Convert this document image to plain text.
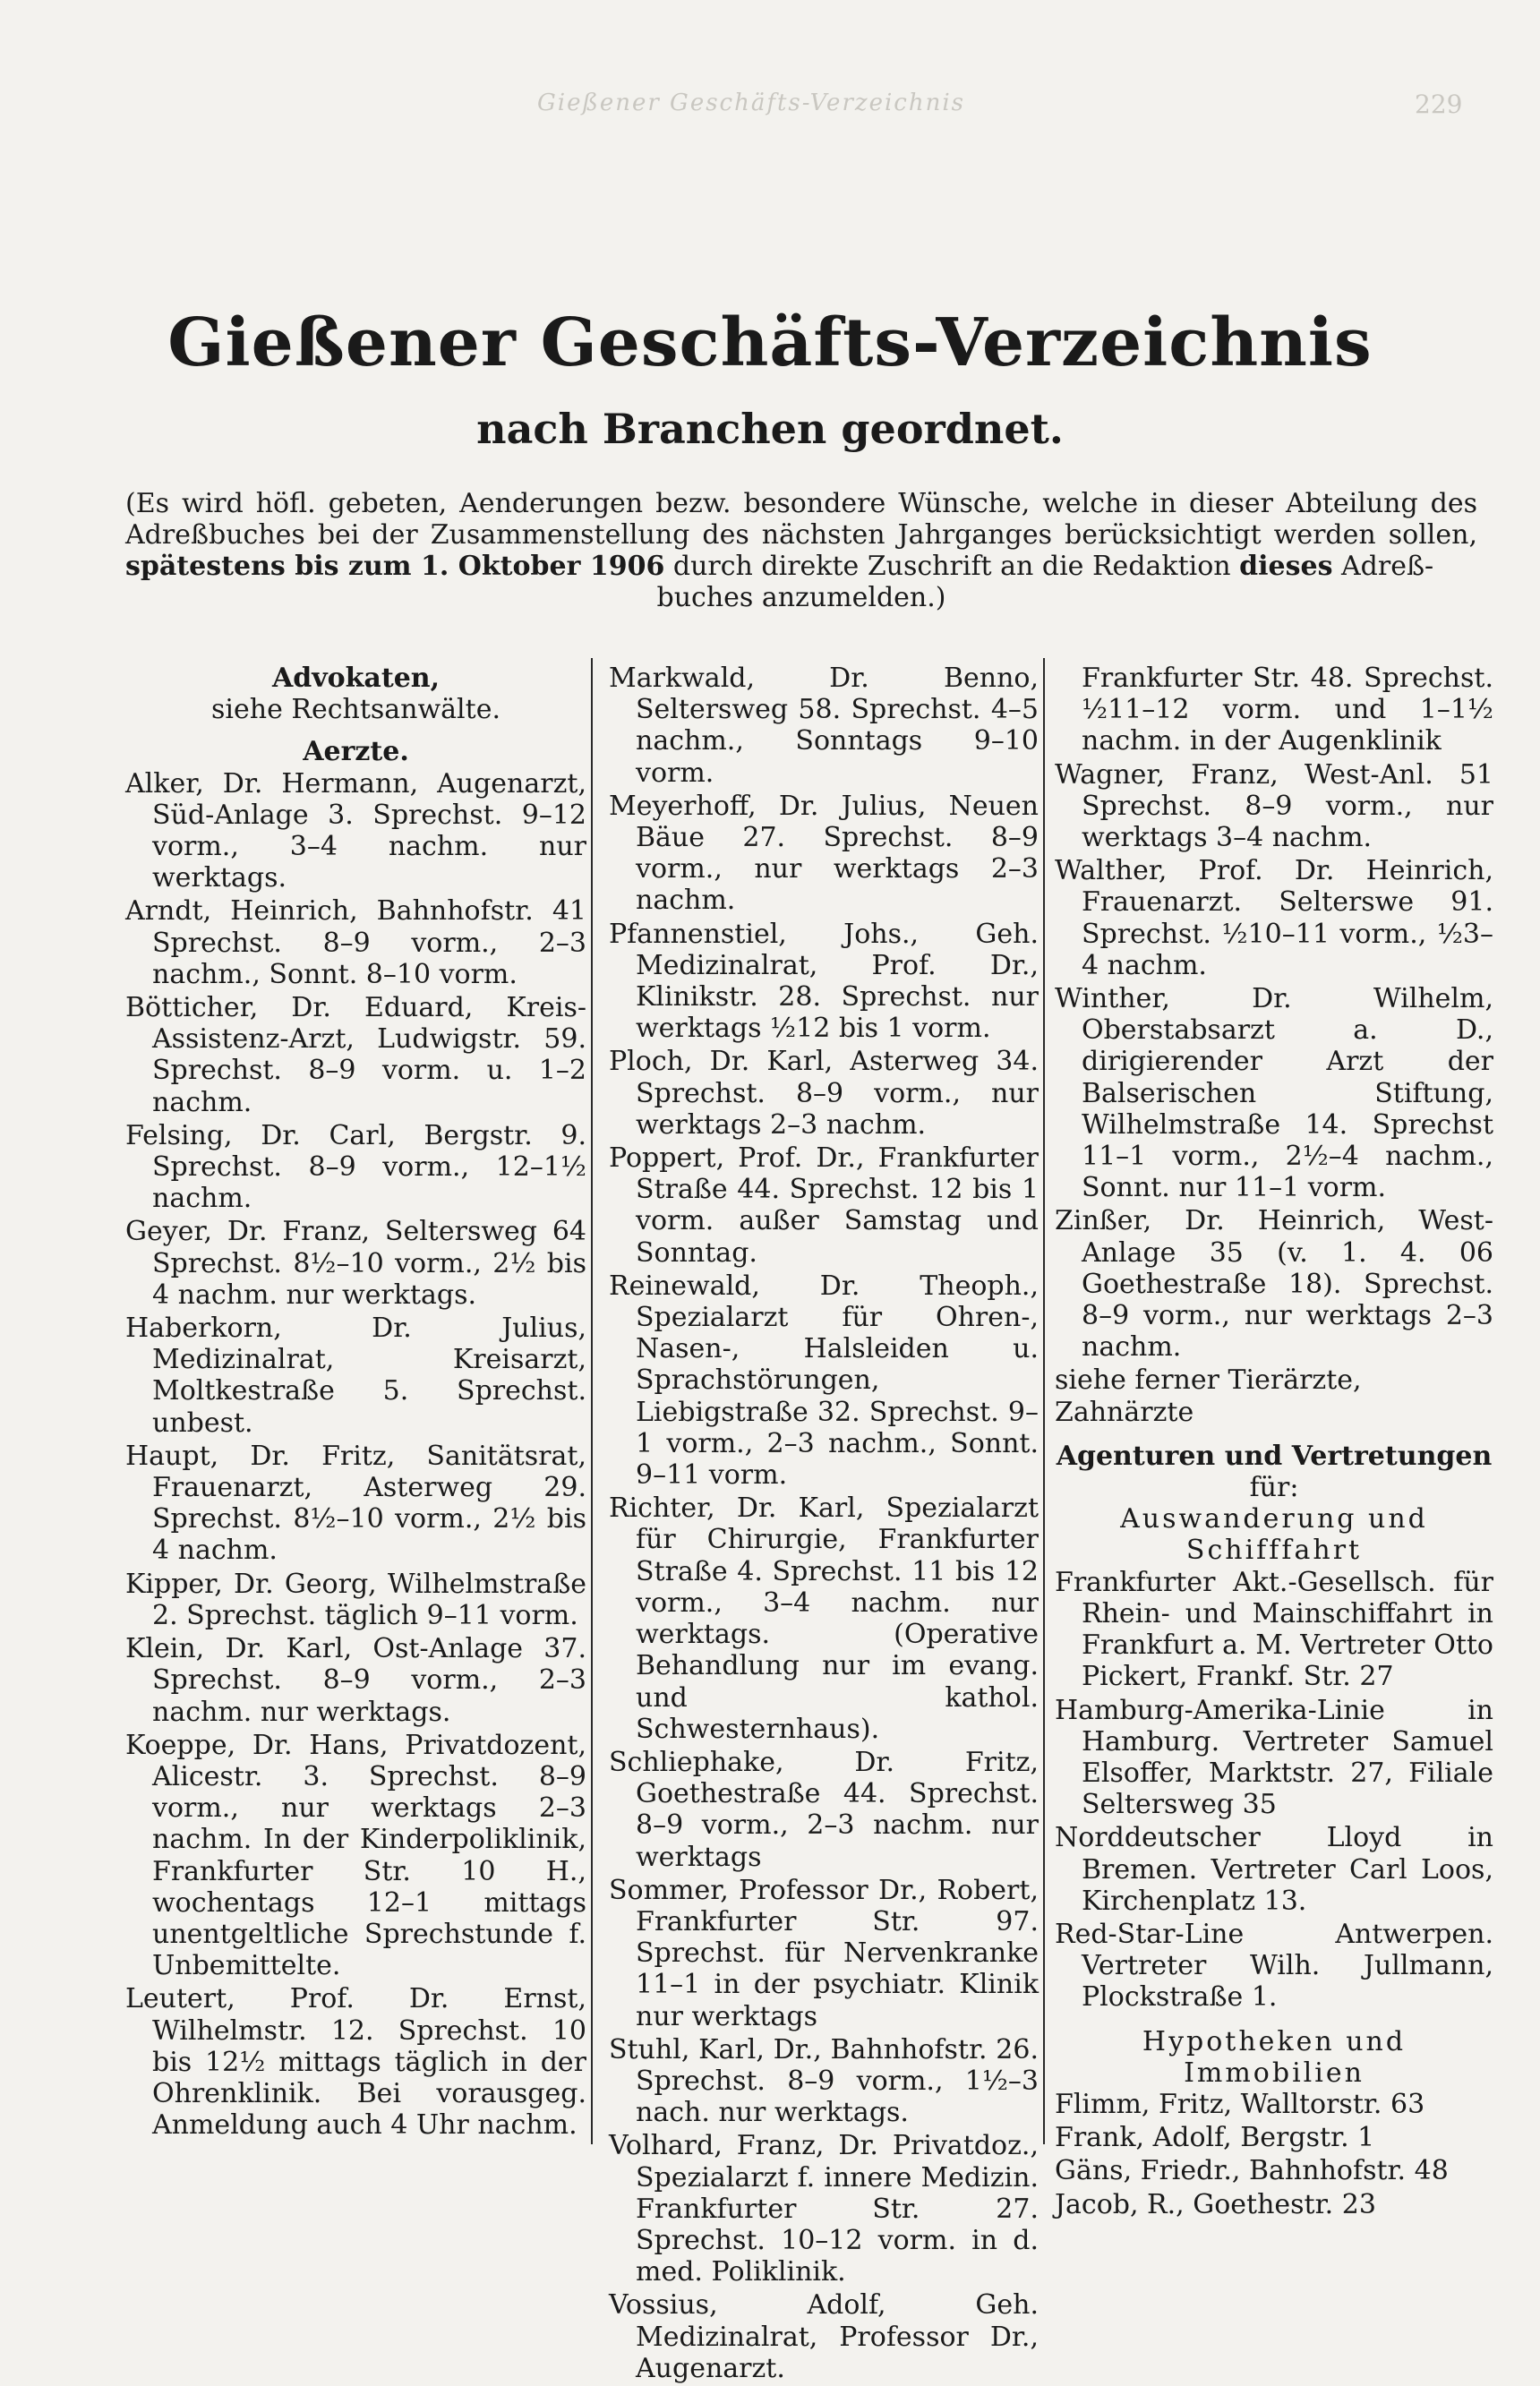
Gießener Geschäfts-Verzeichnis	229
Gießener Geschäfts-Verzeichnis
nach Branchen geordnet.
(Es wird höfl. gebeten, Aenderungen bezw. besondere Wünsche, welche in dieser Abteilung des Adreßbuches bei der Zusammenstellung des nächsten Jahrganges berücksichtigt werden sollen, spätestens bis zum 1. Oktober 1906 durch direkte Zuschrift an die Redaktion dieses Adreß-
buches anzumelden.)
Advokaten,
siehe Rechtsanwälte.
Aerzte.
Alker, Dr. Hermann, Augenarzt, Süd-Anlage 3. Sprechst. 9–12 vorm., 3–4 nachm. nur werktags.
Arndt, Heinrich, Bahnhofstr. 41 Sprechst. 8–9 vorm., 2–3 nachm., Sonnt. 8–10 vorm.
Bötticher, Dr. Eduard, Kreis-Assistenz-Arzt, Ludwigstr. 59. Sprechst. 8–9 vorm. u. 1–2 nachm.
Felsing, Dr. Carl, Bergstr. 9. Sprechst. 8–9 vorm., 12–1½ nachm.
Geyer, Dr. Franz, Seltersweg 64 Sprechst. 8½–10 vorm., 2½ bis 4 nachm. nur werktags.
Haberkorn, Dr. Julius, Medizinalrat, Kreisarzt, Moltkestraße 5. Sprechst. unbest.
Haupt, Dr. Fritz, Sanitätsrat, Frauenarzt, Asterweg 29. Sprechst. 8½–10 vorm., 2½ bis 4 nachm.
Kipper, Dr. Georg, Wilhelmstraße 2. Sprechst. täglich 9–11 vorm.
Klein, Dr. Karl, Ost-Anlage 37. Sprechst. 8–9 vorm., 2–3 nachm. nur werktags.
Koeppe, Dr. Hans, Privatdozent, Alicestr. 3. Sprechst. 8–9 vorm., nur werktags 2–3 nachm. In der Kinderpoliklinik, Frankfurter Str. 10 H., wochentags 12–1 mittags unentgeltliche Sprechstunde f. Unbemittelte.
Leutert, Prof. Dr. Ernst, Wilhelmstr. 12. Sprechst. 10 bis 12½ mittags täglich in der Ohrenklinik. Bei vorausgeg. Anmeldung auch 4 Uhr nachm.
Markwald, Dr. Benno, Seltersweg 58. Sprechst. 4–5 nachm., Sonntags 9–10 vorm.
Meyerhoff, Dr. Julius, Neuen Bäue 27. Sprechst. 8–9 vorm., nur werktags 2–3 nachm.
Pfannenstiel, Johs., Geh. Medizinalrat, Prof. Dr., Klinikstr. 28. Sprechst. nur werktags ½12 bis 1 vorm.
Ploch, Dr. Karl, Asterweg 34. Sprechst. 8–9 vorm., nur werktags 2–3 nachm.
Poppert, Prof. Dr., Frankfurter Straße 44. Sprechst. 12 bis 1 vorm. außer Samstag und Sonntag.
Reinewald, Dr. Theoph., Spezialarzt für Ohren-, Nasen-, Halsleiden u. Sprachstörungen, Liebigstraße 32. Sprechst. 9–1 vorm., 2–3 nachm., Sonnt. 9–11 vorm.
Richter, Dr. Karl, Spezialarzt für Chirurgie, Frankfurter Straße 4. Sprechst. 11 bis 12 vorm., 3–4 nachm. nur werktags. (Operative Behandlung nur im evang. und kathol. Schwesternhaus).
Schliephake, Dr. Fritz, Goethestraße 44. Sprechst. 8–9 vorm., 2–3 nachm. nur werktags
Sommer, Professor Dr., Robert, Frankfurter Str. 97. Sprechst. für Nervenkranke 11–1 in der psychiatr. Klinik nur werktags
Stuhl, Karl, Dr., Bahnhofstr. 26. Sprechst. 8–9 vorm., 1½–3 nach. nur werktags.
Volhard, Franz, Dr. Privatdoz., Spezialarzt f. innere Medizin. Frankfurter Str. 27. Sprechst. 10–12 vorm. in d. med. Poliklinik.
Vossius, Adolf, Geh. Medizinalrat, Professor Dr., Augenarzt.
Frankfurter Str. 48. Sprechst. ½11–12 vorm. und 1–1½ nachm. in der Augenklinik
Wagner, Franz, West-Anl. 51 Sprechst. 8–9 vorm., nur werktags 3–4 nachm.
Walther, Prof. Dr. Heinrich, Frauenarzt. Selterswe 91. Sprechst. ½10–11 vorm., ½3–4 nachm.
Winther, Dr. Wilhelm, Oberstabsarzt a. D., dirigierender Arzt der Balserischen Stiftung, Wilhelmstraße 14. Sprechst 11–1 vorm., 2½–4 nachm., Sonnt. nur 11–1 vorm.
Zinßer, Dr. Heinrich, West-Anlage 35 (v. 1. 4. 06 Goethestraße 18). Sprechst. 8–9 vorm., nur werktags 2–3 nachm.
siehe ferner Tierärzte, Zahnärzte
Agenturen und Vertretungen
für:
Auswanderung und Schifffahrt
Frankfurter Akt.-Gesellsch. für Rhein- und Mainschiffahrt in Frankfurt a. M. Vertreter Otto Pickert, Frankf. Str. 27
Hamburg-Amerika-Linie in Hamburg. Vertreter Samuel Elsoffer, Marktstr. 27, Filiale Seltersweg 35
Norddeutscher Lloyd in Bremen. Vertreter Carl Loos, Kirchenplatz 13.
Red-Star-Line Antwerpen. Vertreter Wilh. Jullmann, Plockstraße 1.
Hypotheken und Immobilien
Flimm, Fritz, Walltorstr. 63
Frank, Adolf, Bergstr. 1
Gäns, Friedr., Bahnhofstr. 48
Jacob, R., Goethestr. 23
